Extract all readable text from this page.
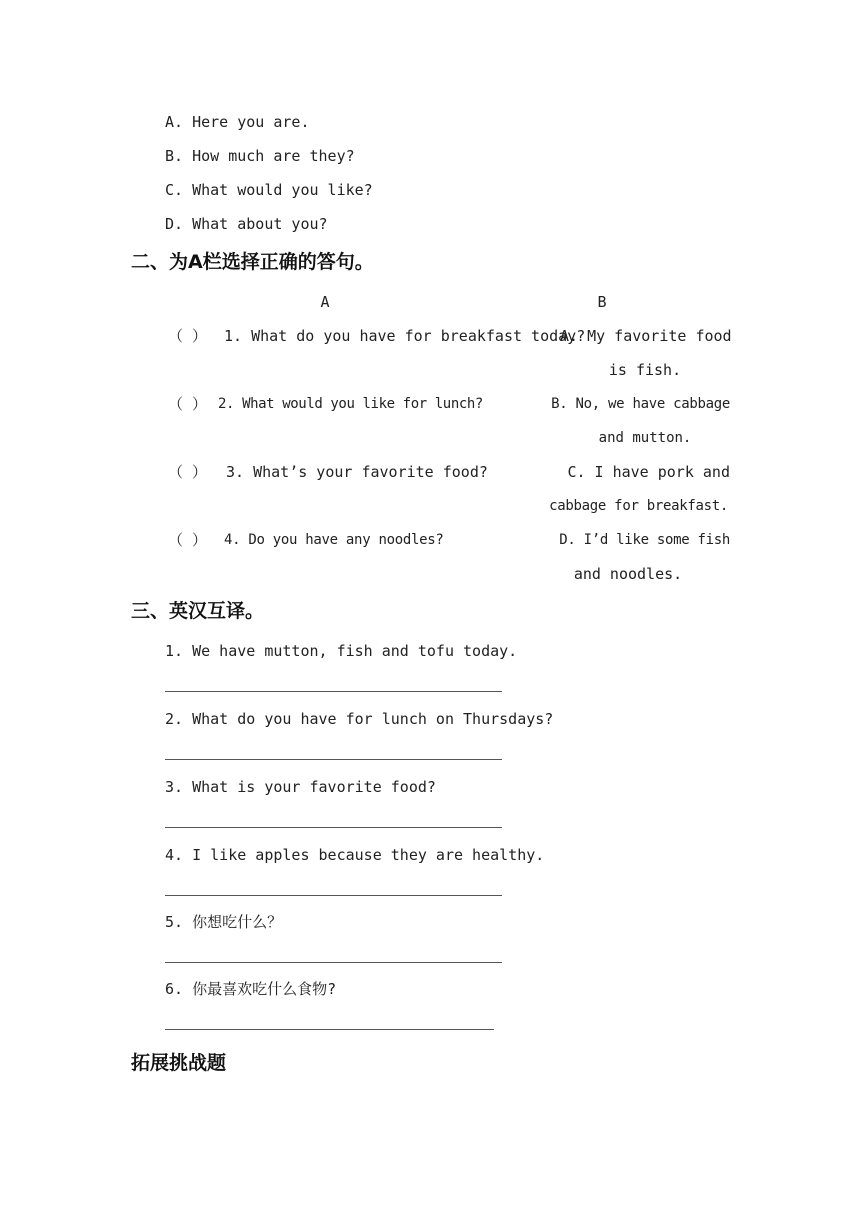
A. Here you are.
B. How much are they?
C. What would you like?
D. What about you?
二、为A栏选择正确的答句。
A	B
（ ） 1. What do you have for breakfast today?
A. My favorite food
is fish.
（ ） 2. What would you like for lunch?	B. No, we have cabbage
and mutton.
（ ） 3. What’s your favorite food?	C. I have pork and
cabbage for breakfast.
（ ） 4. Do you have any noodles?	D. I’d like some fish
and noodles.
三、英汉互译。
1. We have mutton, fish and tofu today.
2. What do you have for lunch on Thursdays?
3. What is your favorite food?
4. I like apples because they are healthy.
5. 你想吃什么？
6. 你最喜欢吃什么食物?
拓展挑战题
